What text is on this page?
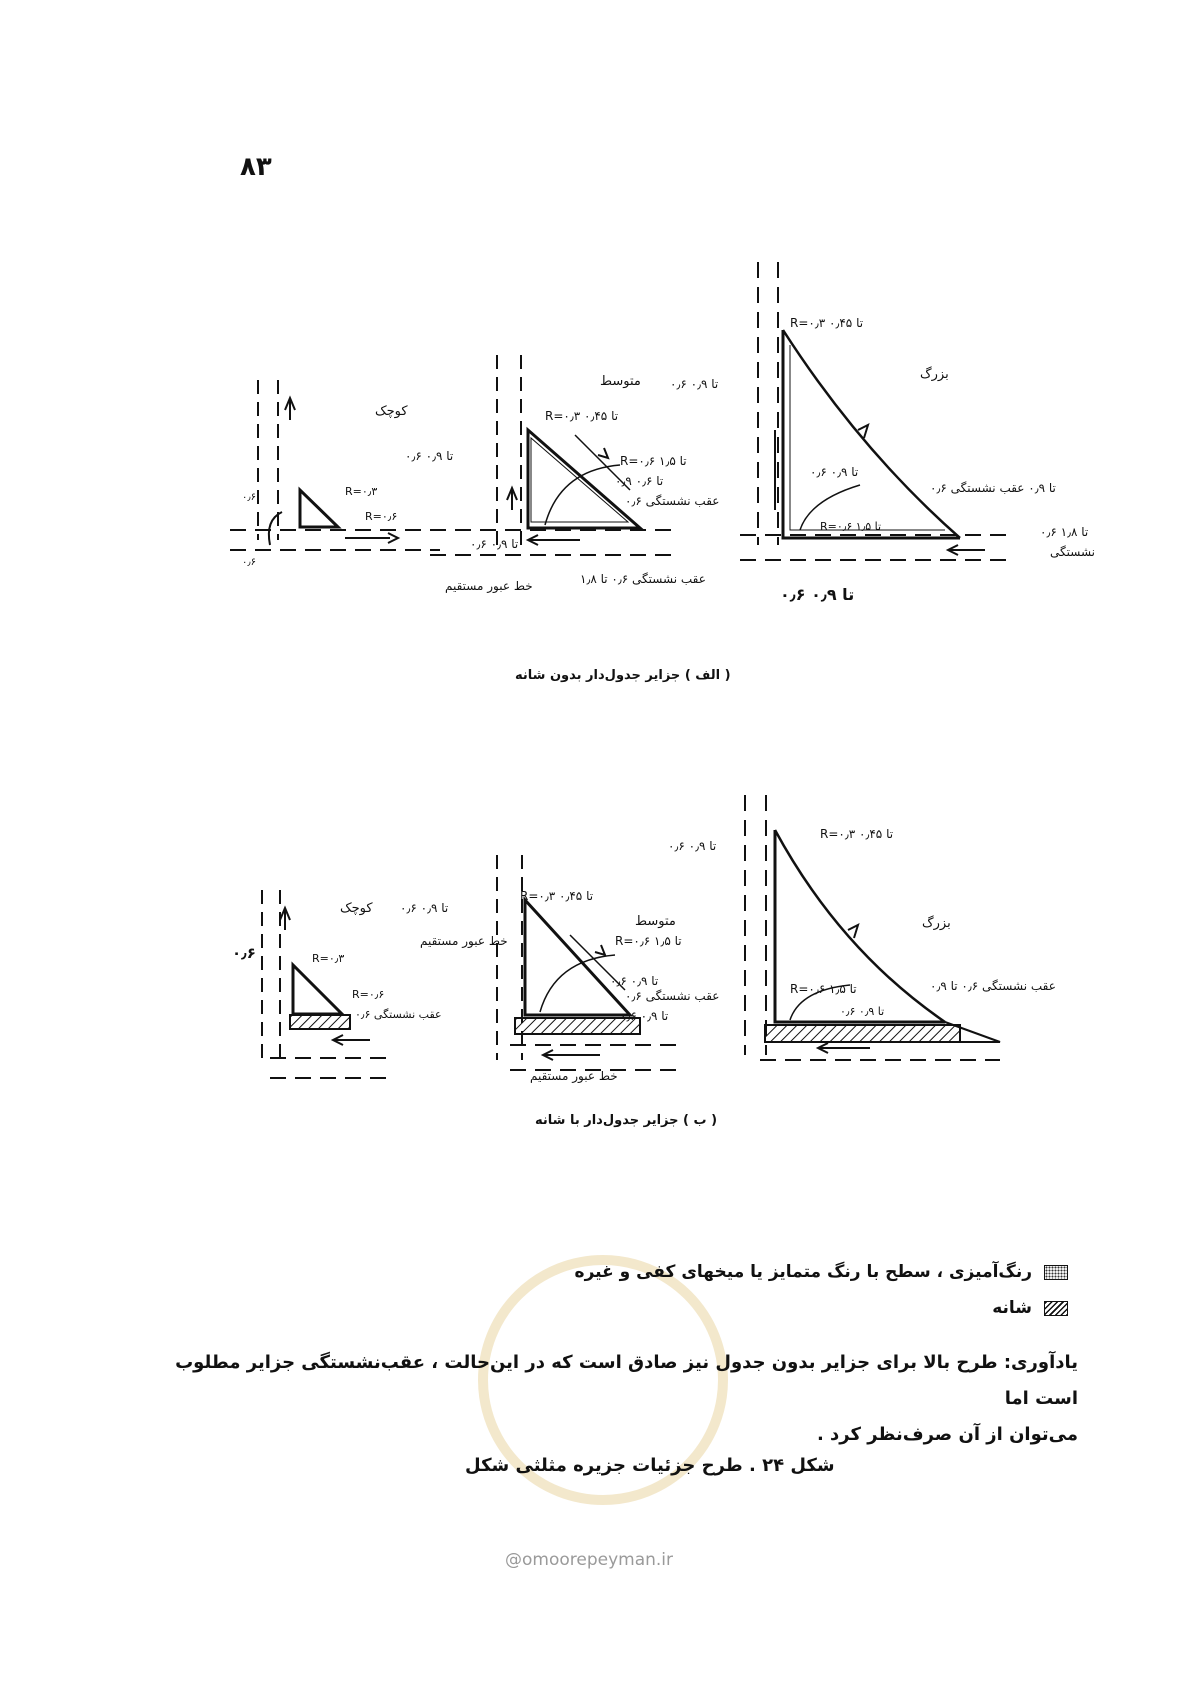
۸۳
کوچک
R=۰٫۳
R=۰٫۶
۰٫۶
۰٫۶
متوسط
R=۰٫۳ تا ۰٫۴۵
۰٫۶ تا ۰٫۹	R=۰٫۶ تا ۱٫۵
عقب نشستگی ۰٫۶
۰٫۹ تا ۰٫۶
۰٫۶ تا ۰٫۹
عقب نشستگی ۰٫۶ تا ۱٫۸
خط عبور مستقیم
بزرگ
R=۰٫۳ تا ۰٫۴۵
۰٫۶ تا ۰٫۹
۰٫۶ تا ۰٫۹
R=۰٫۶ تا ۱٫۵
۰٫۶ تا ۰٫۹ عقب نشستگی
۰٫۶ تا ۱٫۸
نشستگی
۰٫۶ تا ۰٫۹
( الف ) جزایر جدول‌دار بدون شانه
کوچک
R=۰٫۳
R=۰٫۶
۰٫۶
۰٫۶ عقب نشستگی
متوسط
۰٫۶ تا ۰٫۹
R=۰٫۳ تا ۰٫۴۵
خط عبور مستقیم	R=۰٫۶ تا ۱٫۵
۰٫۶ تا ۰٫۹
عقب نشستگی ۰٫۶
۰٫۶ تا ۰٫۹
خط عبور مستقیم
بزرگ
R=۰٫۳ تا ۰٫۴۵
۰٫۶ تا ۰٫۹
R=۰٫۶ تا ۱٫۵	عقب نشستگی ۰٫۶ تا ۰٫۹
۰٫۶ تا ۰٫۹
( ب ) جزایر جدول‌دار با شانه
@omoorepeyman.ir
رنگ‌آمیزی ، سطح با رنگ متمایز یا میخهای کفی و غیره
شانه
یادآوری: طرح بالا برای جزایر بدون جدول نیز صادق است که در این‌حالت ، عقب‌نشستگی جزایر مطلوب است اما
می‌توان از آن صرف‌نظر کرد .
شکل ۲۴ . طرح جزئیات جزیره مثلثی شکل
